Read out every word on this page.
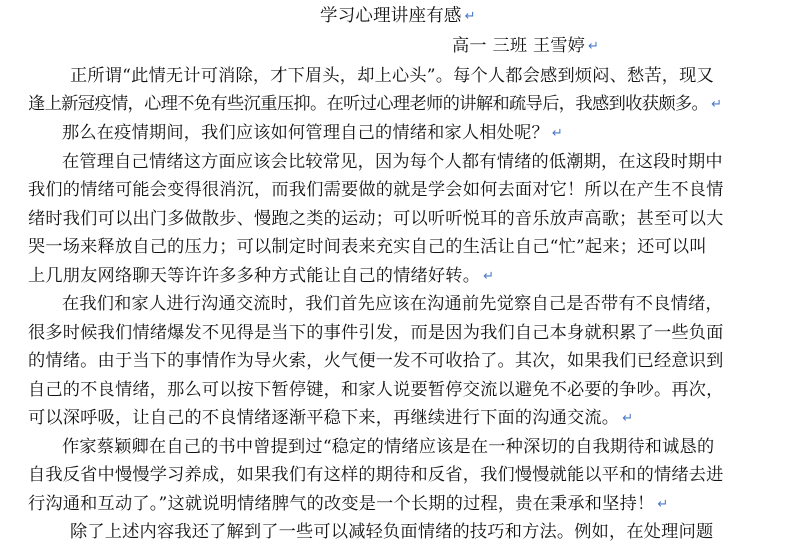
学习心理讲座有感 ↵
高一 三班 王雪婷 ↵
正所谓“此情无计可消除，才下眉头，却上心头”。每个人都会感到烦闷、愁苦，现又
逢上新冠疫情，心理不免有些沉重压抑。在听过心理老师的讲解和疏导后，我感到收获颇多。 ↵
那么在疫情期间，我们应该如何管理自己的情绪和家人相处呢？ ↵
在管理自己情绪这方面应该会比较常见，因为每个人都有情绪的低潮期，在这段时期中
我们的情绪可能会变得很消沉，而我们需要做的就是学会如何去面对它！所以在产生不良情
绪时我们可以出门多做散步、慢跑之类的运动；可以听听悦耳的音乐放声高歌；甚至可以大
哭一场来释放自己的压力；可以制定时间表来充实自己的生活让自己“忙”起来；还可以叫
上几朋友网络聊天等许许多多种方式能让自己的情绪好转。 ↵
在我们和家人进行沟通交流时，我们首先应该在沟通前先觉察自己是否带有不良情绪，
很多时候我们情绪爆发不见得是当下的事件引发，而是因为我们自己本身就积累了一些负面
的情绪。由于当下的事情作为导火索，火气便一发不可收拾了。其次，如果我们已经意识到
自己的不良情绪，那么可以按下暂停键，和家人说要暂停交流以避免不必要的争吵。再次，
可以深呼吸，让自己的不良情绪逐渐平稳下来，再继续进行下面的沟通交流。 ↵
作家蔡颖卿在自己的书中曾提到过“稳定的情绪应该是在一种深切的自我期待和诚恳的
自我反省中慢慢学习养成，如果我们有这样的期待和反省，我们慢慢就能以平和的情绪去进
行沟通和互动了。”这就说明情绪脾气的改变是一个长期的过程，贵在秉承和坚持！ ↵
除了上述内容我还了解到了一些可以减轻负面情绪的技巧和方法。例如，在处理问题
